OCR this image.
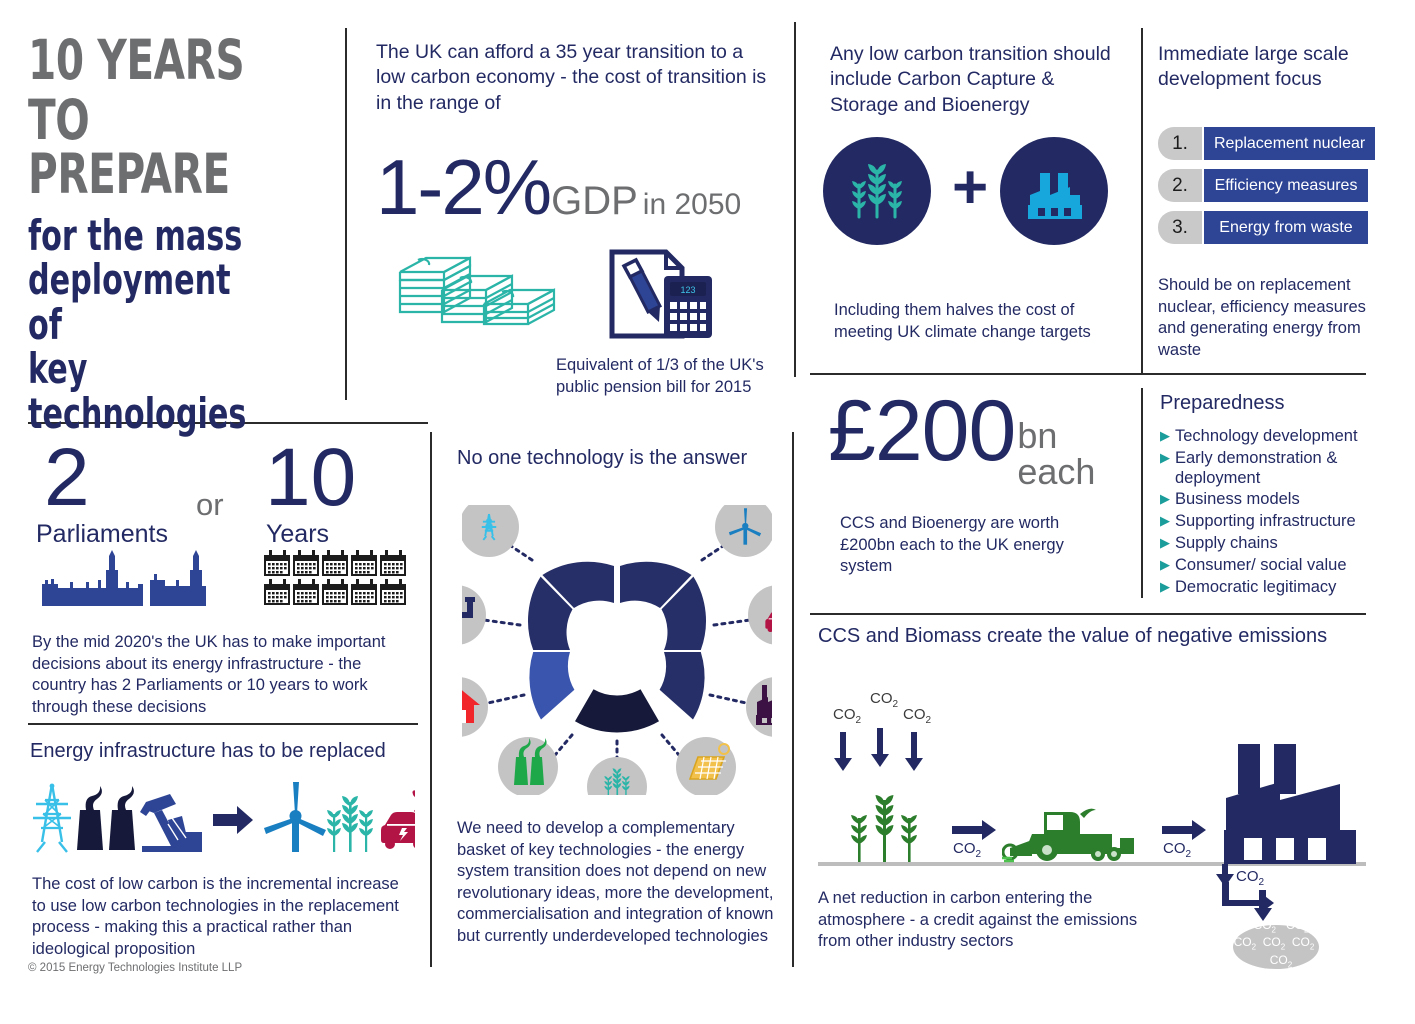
10 YEARS
TO PREPARE
for the mass
deployment of
key technologies
The UK can afford a 35 year transition to a low carbon economy - the cost of transition is in the range of
1-2% GDP in 2050
123
Equivalent of 1/3 of the UK's public pension bill for 2015
Any low carbon transition should include Carbon Capture & Storage and Bioenergy
+
Including them halves the cost of meeting UK climate change targets
Immediate large scale development focus
1.	Replacement nuclear
2.	Efficiency measures
3.	Energy from waste
Should be on replacement nuclear, efficiency measures and generating energy from waste
£200 bn
each
CCS and Bioenergy are worth £200bn each to the UK energy system
Preparedness
▶ Technology development
▶ Early demonstration & deployment
▶ Business models
▶ Supporting infrastructure
▶ Supply chains
▶ Consumer/ social value
▶ Democratic legitimacy
2
Parliaments
or 10
Years
By the mid 2020's the UK has to make important decisions about its energy infrastructure - the country has 2 Parliaments or 10 years to work through these decisions
Energy infrastructure has to be replaced
The cost of low carbon is the incremental increase to use low carbon technologies in the replacement process - making this a practical rather than ideological proposition
© 2015 Energy Technologies Institute LLP
No one technology is the answer
We need to develop a complementary basket of key technologies - the energy system transition does not depend on new revolutionary ideas, more the development, commercialisation and integration of known but currently underdeveloped technologies
CCS and Biomass create the value of negative emissions
$CO_2$
$CO_2$
$CO_2$
$CO_2$	$CO_2$
$CO_2$
$CO_2$   $CO_2$
$CO_2$  $CO_2$  $CO_2$
$CO_2$
A net reduction in carbon entering the atmosphere - a credit against the emissions from other industry sectors
